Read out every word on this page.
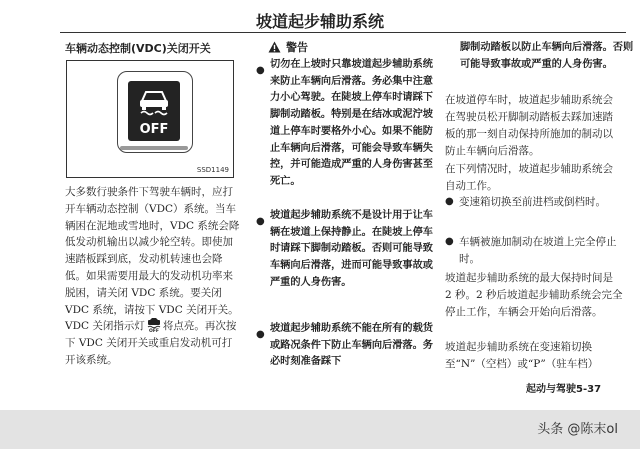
坡道起步辅助系统
车辆动态控制(VDC)关闭开关
OFF
SSD1149
大多数行驶条件下驾驶车辆时，应打开车辆动态控制（VDC）系统。当车辆困在泥地或雪地时，VDC 系统会降低发动机输出以减少轮空转。即使加速踏板踩到底，发动机转速也会降低。如果需要用最大的发动机功率来脱困，请关闭 VDC 系统。要关闭 VDC 系统，请按下 VDC 关闭开关。VDC 关闭指示灯 OFF 将点亮。再次按下 VDC 关闭开关或重启发动机可打开该系统。
警告
●
切勿在上坡时只靠坡道起步辅助系统来防止车辆向后滑落。务必集中注意力小心驾驶。在陡坡上停车时请踩下脚制动踏板。特别是在结冰或泥泞坡道上停车时要格外小心。如果不能防止车辆向后滑落，可能会导致车辆失控，并可能造成严重的人身伤害甚至死亡。
●
坡道起步辅助系统不是设计用于让车辆在坡道上保持静止。在陡坡上停车时请踩下脚制动踏板。否则可能导致车辆向后滑落，进而可能导致事故或严重的人身伤害。
●
坡道起步辅助系统不能在所有的载货或路况条件下防止车辆向后滑落。务必时刻准备踩下
脚制动踏板以防止车辆向后滑落。否则可能导致事故或严重的人身伤害。
在坡道停车时，坡道起步辅助系统会在驾驶员松开脚制动踏板去踩加速踏板的那一刻自动保持所施加的制动以防止车辆向后滑落。
在下列情况时，坡道起步辅助系统会自动工作。
● 变速箱切换至前进档或倒档时。
● 车辆被施加制动在坡道上完全停止时。
坡道起步辅助系统的最大保持时间是 2 秒。2 秒后坡道起步辅助系统会完全停止工作，车辆会开始向后滑落。
坡道起步辅助系统在变速箱切换至“N”（空档）或“P”（驻车档）
起动与驾驶5-37
头条 @陈末ol
